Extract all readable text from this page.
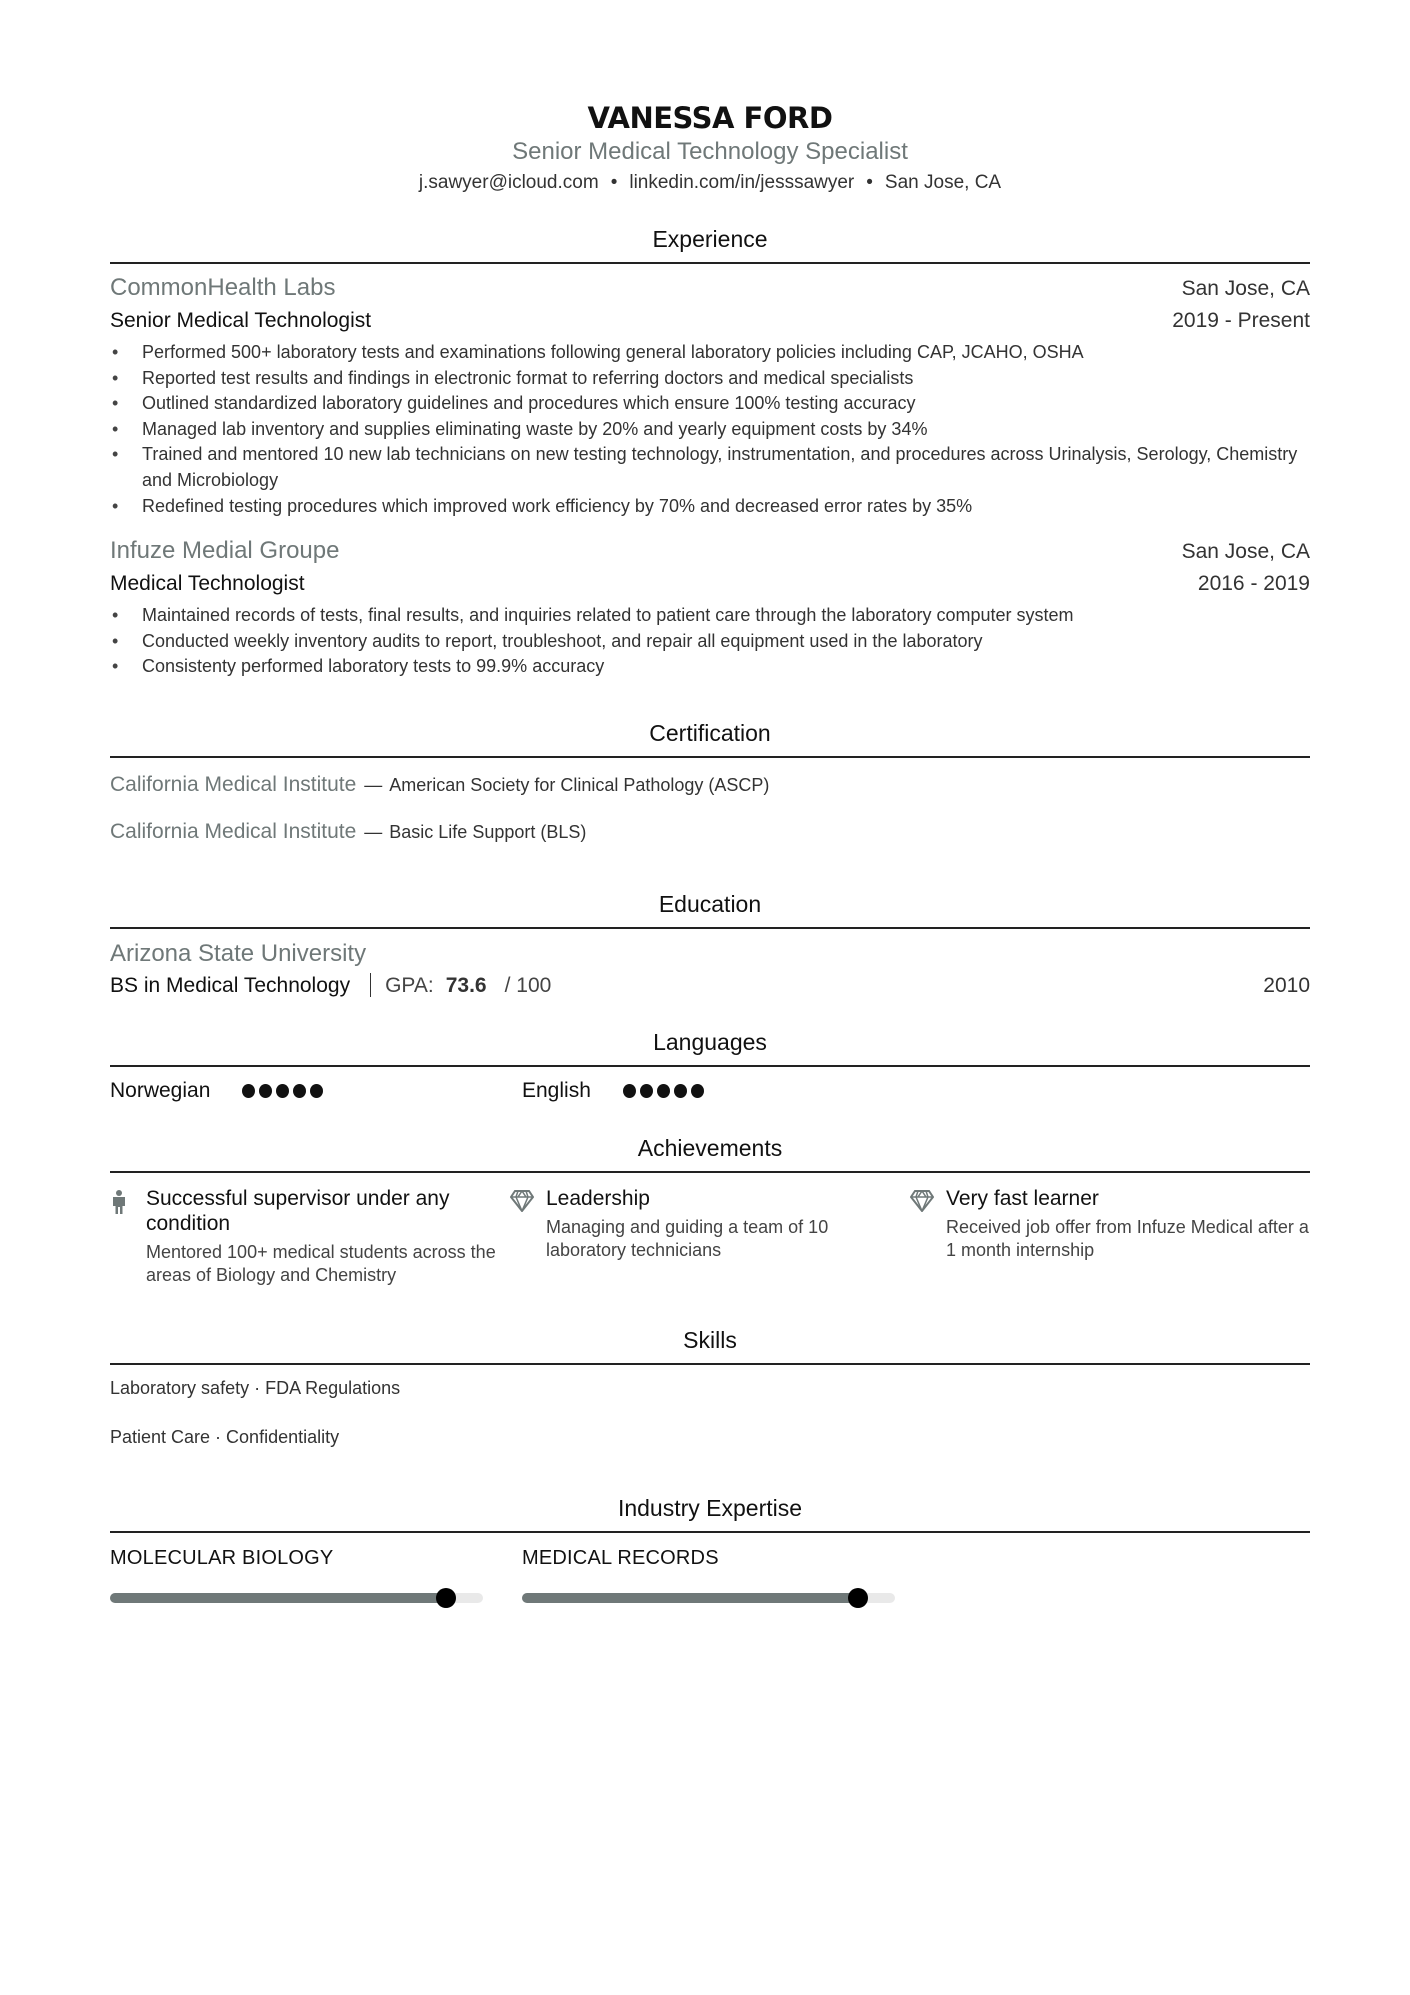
VANESSA FORD
Senior Medical Technology Specialist
j.sawyer@icloud.com • linkedin.com/in/jesssawyer • San Jose, CA
Experience
CommonHealth Labs	San Jose, CA
Senior Medical Technologist	2019 - Present
• Performed 500+ laboratory tests and examinations following general laboratory policies including CAP, JCAHO, OSHA
• Reported test results and findings in electronic format to referring doctors and medical specialists
• Outlined standardized laboratory guidelines and procedures which ensure 100% testing accuracy
• Managed lab inventory and supplies eliminating waste by 20% and yearly equipment costs by 34%
• Trained and mentored 10 new lab technicians on new testing technology, instrumentation, and procedures across Urinalysis, Serology, Chemistry and Microbiology
• Redefined testing procedures which improved work efficiency by 70% and decreased error rates by 35%
Infuze Medial Groupe	San Jose, CA
Medical Technologist	2016 - 2019
• Maintained records of tests, final results, and inquiries related to patient care through the laboratory computer system
• Conducted weekly inventory audits to report, troubleshoot, and repair all equipment used in the laboratory
• Consistenty performed laboratory tests to 99.9% accuracy
Certification
California Medical Institute — American Society for Clinical Pathology (ASCP)
California Medical Institute — Basic Life Support (BLS)
Education
Arizona State University
BS in Medical Technology GPA: 73.6 / 100	2010
Languages
Norwegian	English
Achievements
Successful supervisor under any condition
Mentored 100+ medical students across the areas of Biology and Chemistry
Leadership
Managing and guiding a team of 10 laboratory technicians
Very fast learner
Received job offer from Infuze Medical after a 1 month internship
Skills
Laboratory safety · FDA Regulations
Patient Care · Confidentiality
Industry Expertise
MOLECULAR BIOLOGY	MEDICAL RECORDS
